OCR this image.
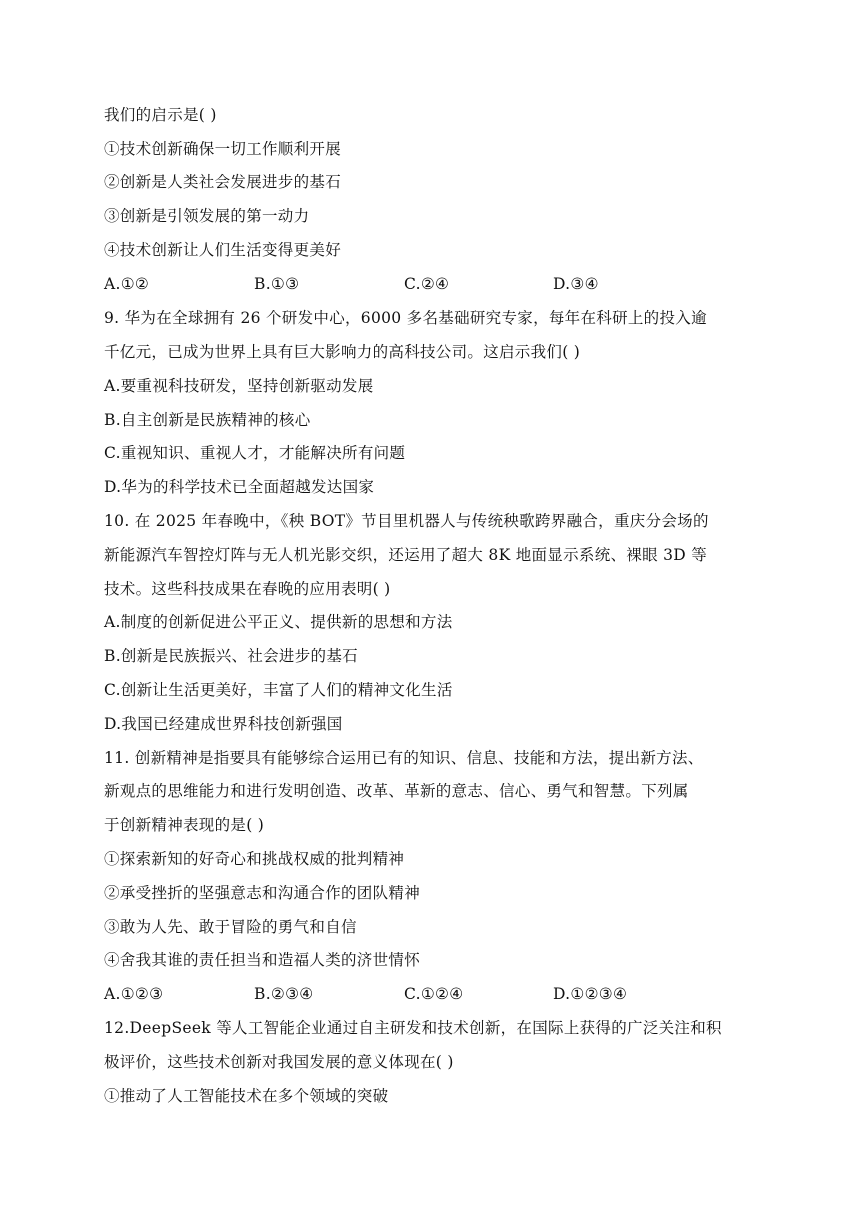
我们的启示是( )
①技术创新确保一切工作顺利开展
②创新是人类社会发展进步的基石
③创新是引领发展的第一动力
④技术创新让人们生活变得更美好
A.①②	B.①③	C.②④	D.③④
9. 华为在全球拥有 26 个研发中心，6000 多名基础研究专家，每年在科研上的投入逾
千亿元，已成为世界上具有巨大影响力的高科技公司。这启示我们( )
A.要重视科技研发，坚持创新驱动发展
B.自主创新是民族精神的核心
C.重视知识、重视人才，才能解决所有问题
D.华为的科学技术已全面超越发达国家
10. 在 2025 年春晚中，《秧 BOT》节目里机器人与传统秧歌跨界融合，重庆分会场的
新能源汽车智控灯阵与无人机光影交织，还运用了超大 8K 地面显示系统、裸眼 3D 等
技术。这些科技成果在春晚的应用表明( )
A.制度的创新促进公平正义、提供新的思想和方法
B.创新是民族振兴、社会进步的基石
C.创新让生活更美好，丰富了人们的精神文化生活
D.我国已经建成世界科技创新强国
11. 创新精神是指要具有能够综合运用已有的知识、信息、技能和方法，提出新方法、
新观点的思维能力和进行发明创造、改革、革新的意志、信心、勇气和智慧。下列属
于创新精神表现的是( )
①探索新知的好奇心和挑战权威的批判精神
②承受挫折的坚强意志和沟通合作的团队精神
③敢为人先、敢于冒险的勇气和自信
④舍我其谁的责任担当和造福人类的济世情怀
A.①②③	B.②③④	C.①②④	D.①②③④
12.DeepSeek 等人工智能企业通过自主研发和技术创新，在国际上获得的广泛关注和积
极评价，这些技术创新对我国发展的意义体现在( )
①推动了人工智能技术在多个领域的突破
